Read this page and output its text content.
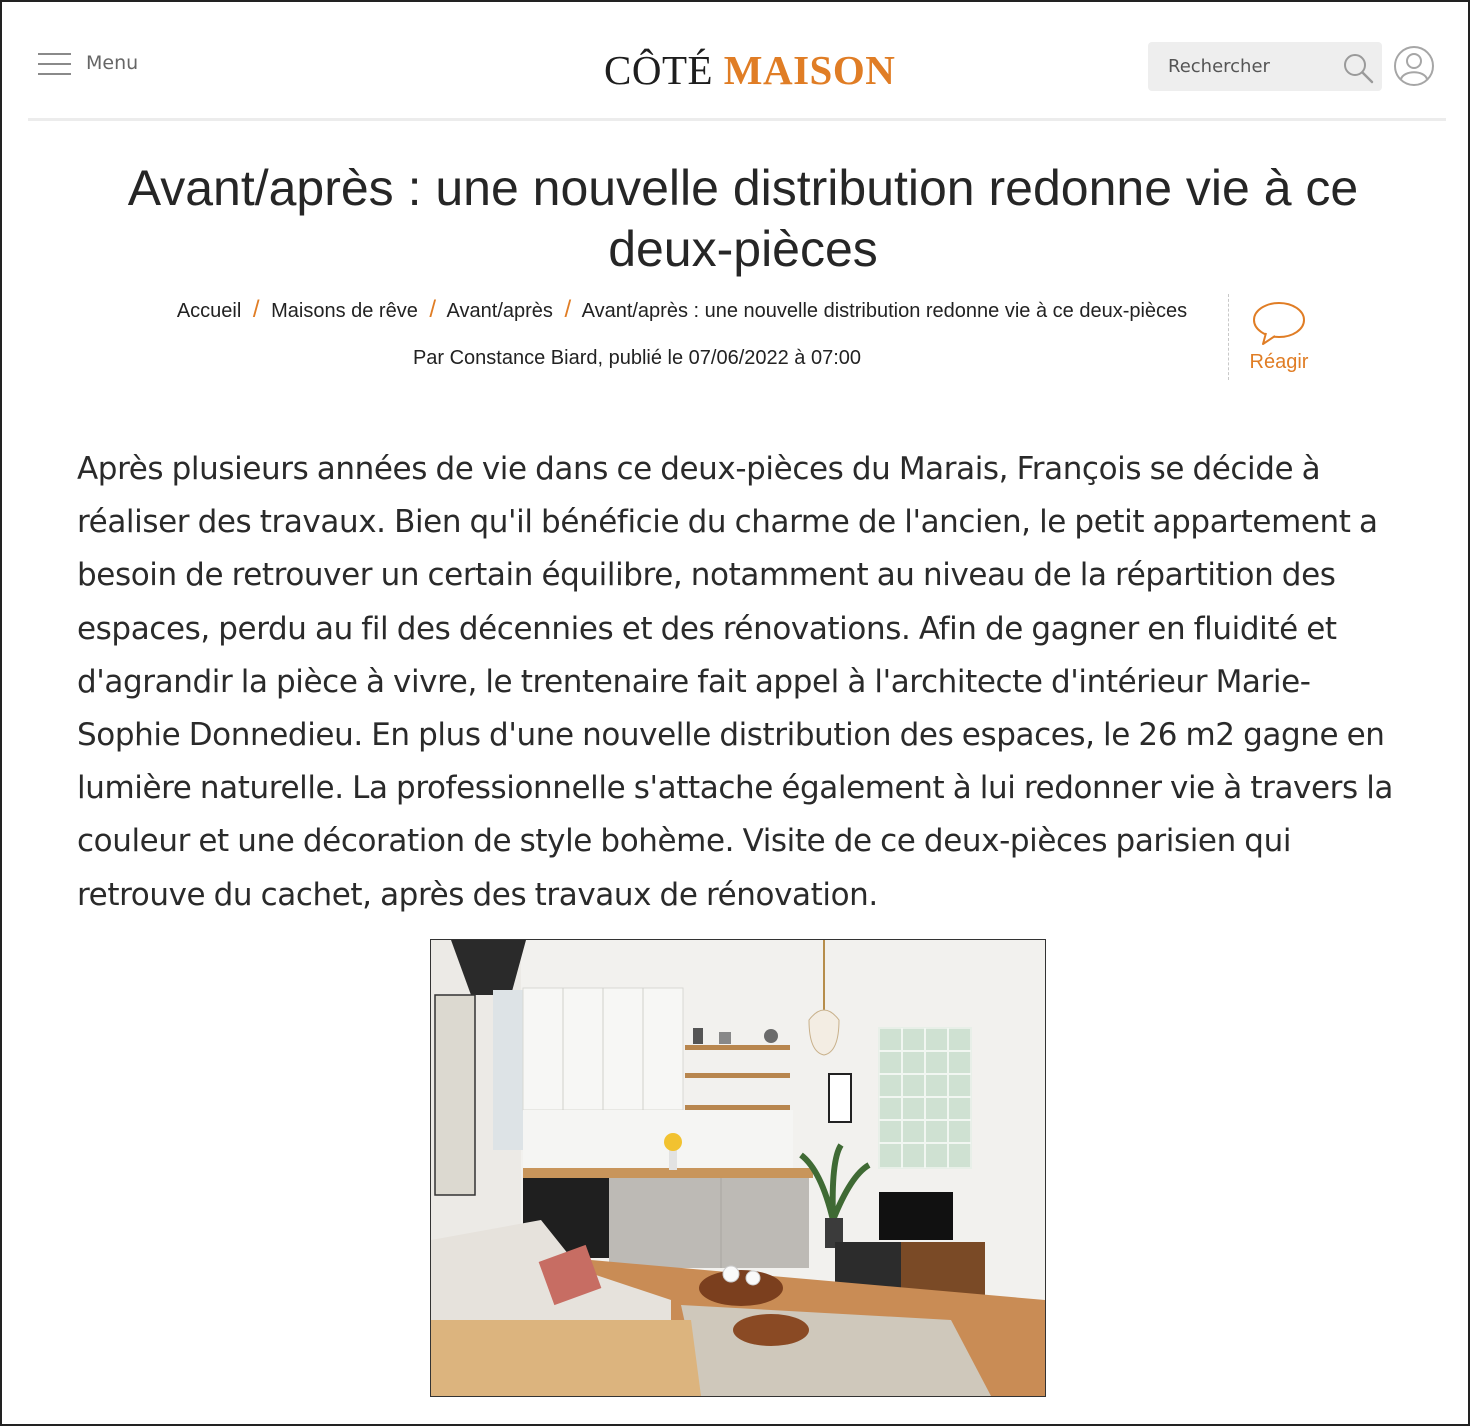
Menu	CÔTÉ MAISON
Rechercher
Avant/après : une nouvelle distribution redonne vie à ce deux-pièces
Accueil / Maisons de rêve / Avant/après / Avant/après : une nouvelle distribution redonne vie à ce deux-pièces
Par Constance Biard, publié le 07/06/2022 à 07:00	Réagir

Après plusieurs années de vie dans ce deux-pièces du Marais, François se décide à réaliser des travaux. Bien qu'il bénéficie du charme de l'ancien, le petit appartement a besoin de retrouver un certain équilibre, notamment au niveau de la répartition des espaces, perdu au fil des décennies et des rénovations. Afin de gagner en fluidité et d'agrandir la pièce à vivre, le trentenaire fait appel à l'architecte d'intérieur Marie-Sophie Donnedieu. En plus d'une nouvelle distribution des espaces, le 26 m2 gagne en lumière naturelle. La professionnelle s'attache également à lui redonner vie à travers la couleur et une décoration de style bohème. Visite de ce deux-pièces parisien qui retrouve du cachet, après des travaux de rénovation.
